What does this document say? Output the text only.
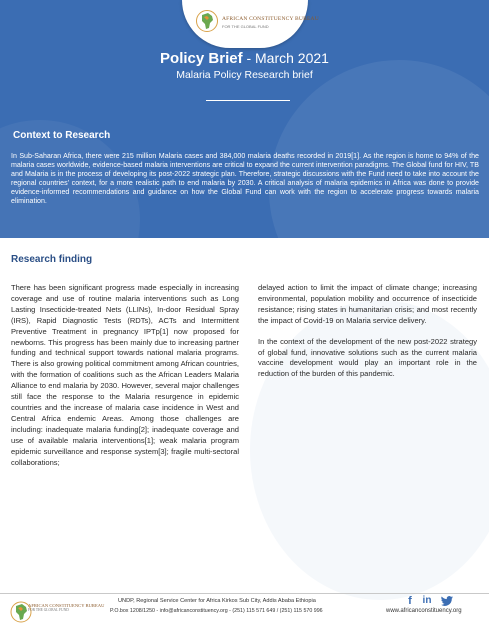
AFRICAN CONSTITUENCY BUREAU
FOR THE GLOBAL FUND
Policy Brief - March 2021
Malaria Policy Research brief
Context to Research
In Sub-Saharan Africa, there were 215 million Malaria cases and 384,000 malaria deaths recorded in 2019[1]. As the region is home to 94% of the malaria cases worldwide, evidence-based malaria interventions are critical to expand the current intervention paradigms. The Global fund for HIV, TB and Malaria is in the process of developing its post-2022 strategic plan. Therefore, strategic discussions with the Fund need to take into account the regional countries' context, for a more realistic path to end malaria by 2030. A critical analysis of malaria epidemics in Africa was done to provide evidence-informed recommendations and guidance on how the Global Fund can work with the region to accelerate progress towards malaria elimination.
Research finding

There has been significant progress made especially in increasing coverage and use of routine malaria interventions such as Long Lasting Insecticide-treated Nets (LLINs), In-door Residual Spray (IRS), Rapid Diagnostic Tests (RDTs), ACTs and Intermittent Preventive Treatment in pregnancy IPTp[1] now proposed for newborns. This progress has been mainly due to increasing partner funding and technical support towards national malaria programs. There is also growing political commitment among African countries, with the formation of coalitions such as the African Leaders Malaria Alliance to end malaria by 2030. However, several major challenges still face the response to the Malaria resurgence in epidemic countries and the increase of malaria case incidence in West and Central Africa endemic Areas. Among those challenges are including: inadequate malaria funding[2]; inadequate coverage and use of available malaria interventions[1]; weak malaria program epidemic surveillance and response system[3]; fragile multi-sectoral collaborations;

delayed action to limit the impact of climate change; increasing environmental, population mobility and occurrence of insecticide resistance; rising states in humanitarian crisis; and most recently the impact of Covid-19 on Malaria service delivery.

In the context of the development of the new post-2022 strategy of global fund, innovative solutions such as the current malaria vaccine development would play an important role in the reduction of the burden of this pandemic.

AFRICAN CONSTITUENCY BUREAU
FOR THE GLOBAL FUND
UNDP, Regional Service Center for Africa Kirkos Sub City, Addis Ababa Ethiopia
P.O.box 1208/1250 - info@africanconstituency.org - (251) 115 571 649 / (251) 115 570 996
f	in
www.africanconstituency.org
